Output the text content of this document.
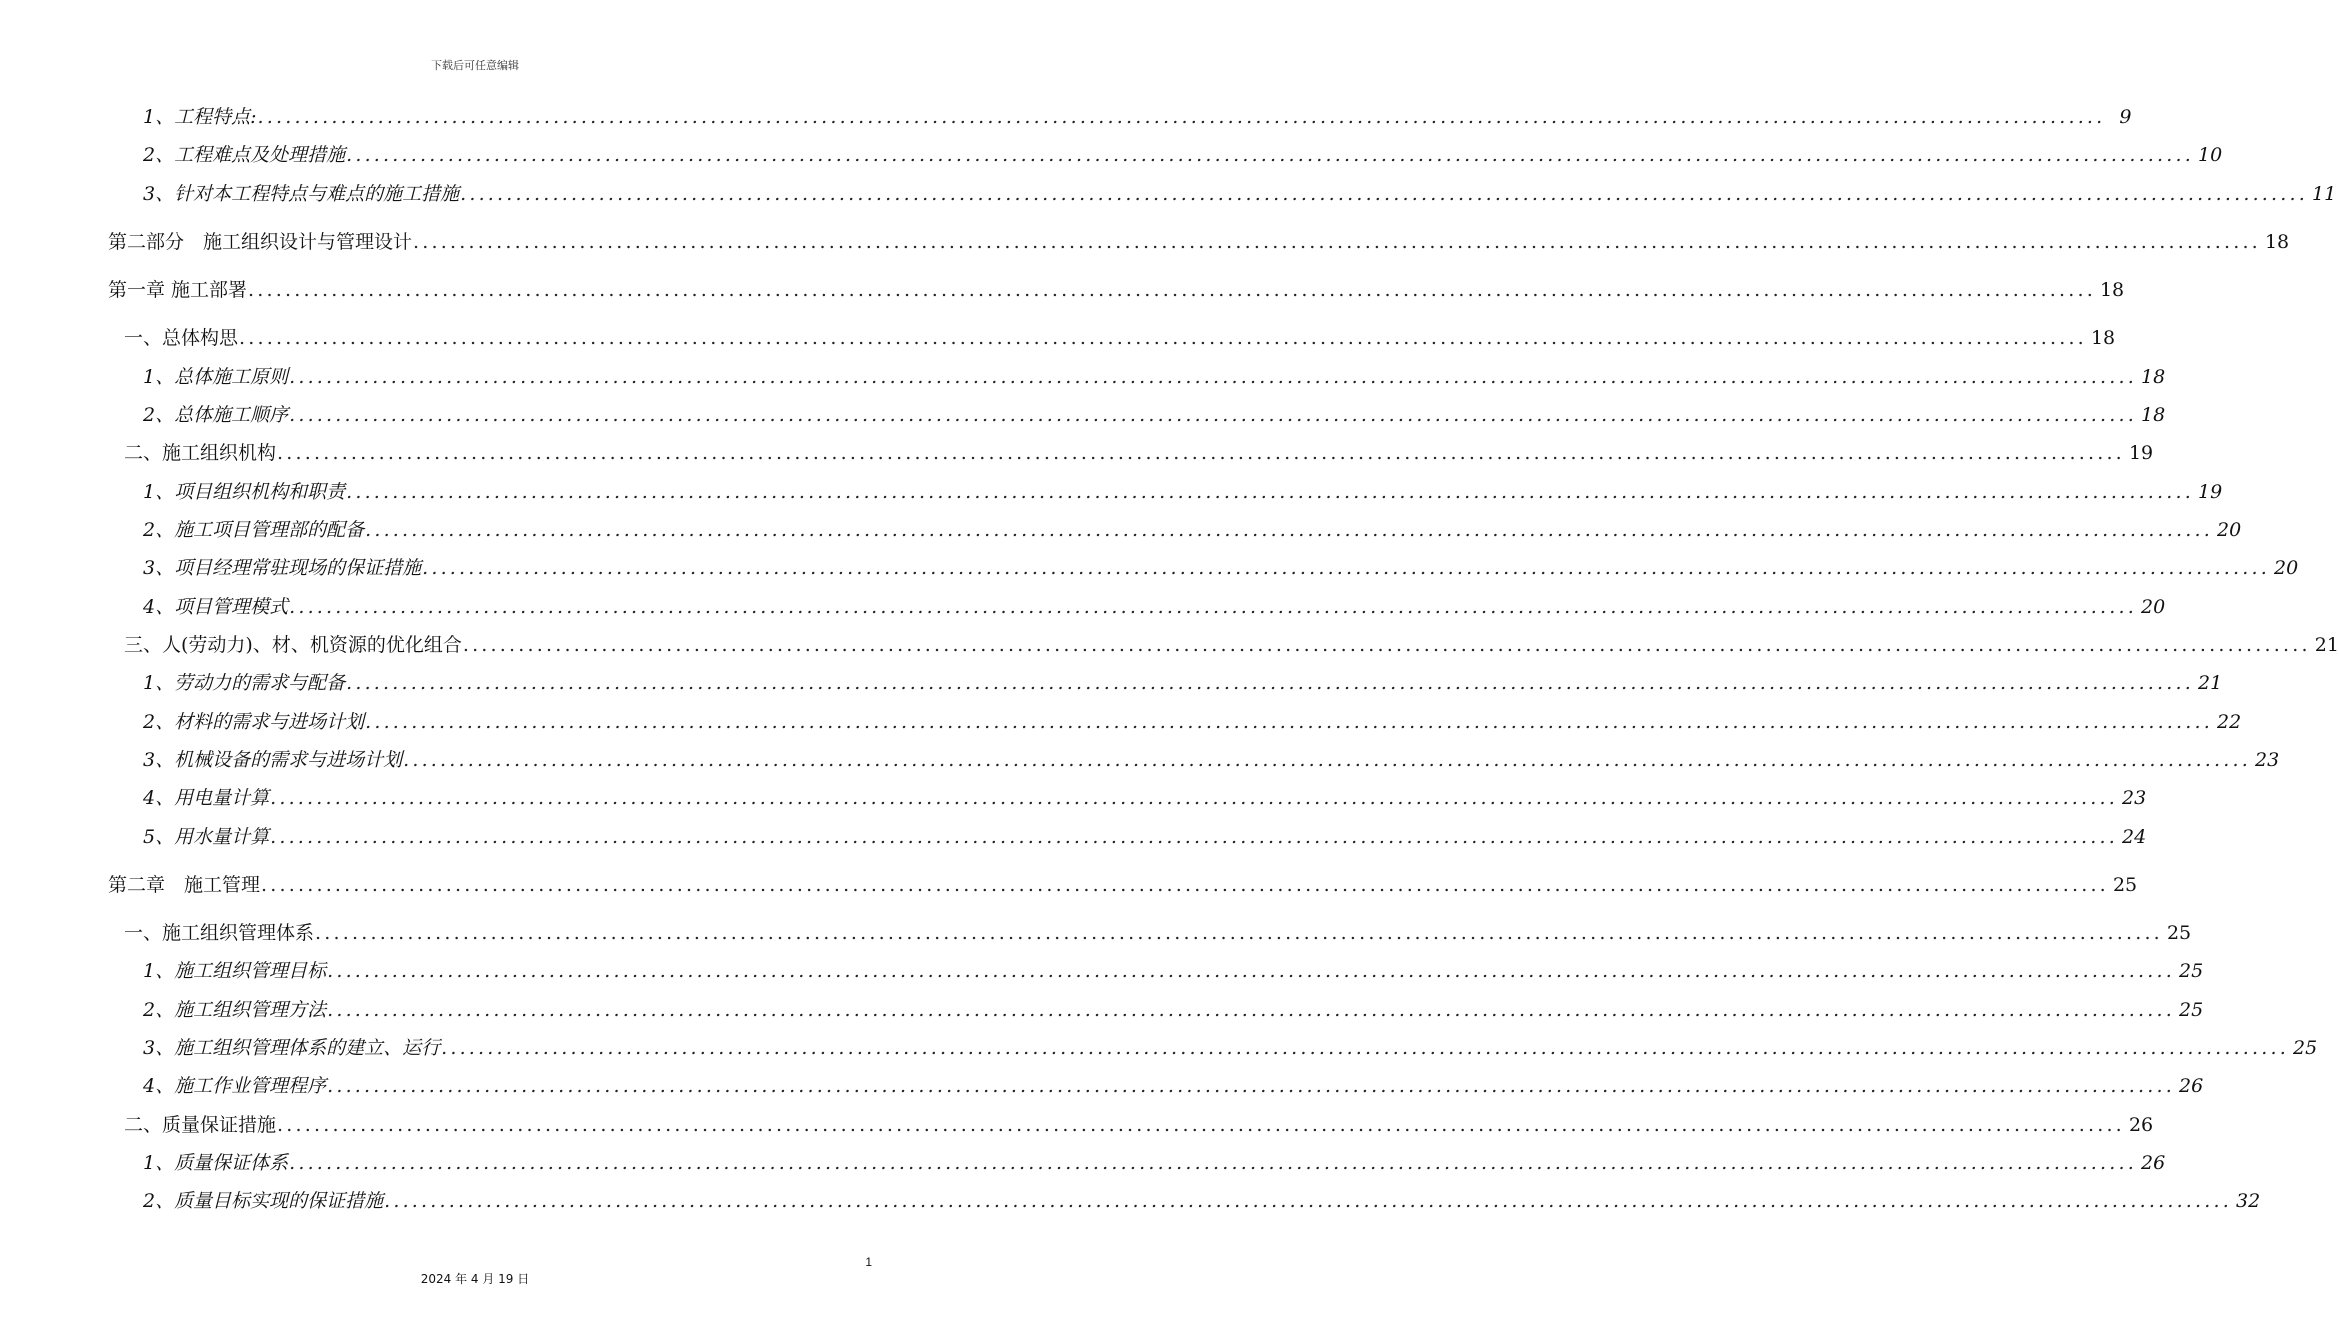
下载后可任意编辑
1、工程特点: ........................................................................................................................................................................................................ 9
2、工程难点及处理措施 ........................................................................................................................................................................................................ 10
3、针对本工程特点与难点的施工措施 ........................................................................................................................................................................................................ 11
第二部分　施工组织设计与管理设计 ........................................................................................................................................................................................................ 18
第一章 施工部署 ........................................................................................................................................................................................................ 18
一、总体构思 ........................................................................................................................................................................................................ 18
1、总体施工原则 ........................................................................................................................................................................................................ 18
2、总体施工顺序 ........................................................................................................................................................................................................ 18
二、施工组织机构 ........................................................................................................................................................................................................ 19
1、项目组织机构和职责 ........................................................................................................................................................................................................ 19
2、施工项目管理部的配备 ........................................................................................................................................................................................................ 20
3、项目经理常驻现场的保证措施 ........................................................................................................................................................................................................ 20
4、项目管理模式 ........................................................................................................................................................................................................ 20
三、人(劳动力)、材、机资源的优化组合 ........................................................................................................................................................................................................ 21
1、劳动力的需求与配备 ........................................................................................................................................................................................................ 21
2、材料的需求与进场计划 ........................................................................................................................................................................................................ 22
3、机械设备的需求与进场计划 ........................................................................................................................................................................................................ 23
4、用电量计算 ........................................................................................................................................................................................................ 23
5、用水量计算 ........................................................................................................................................................................................................ 24
第二章　施工管理 ........................................................................................................................................................................................................ 25
一、施工组织管理体系 ........................................................................................................................................................................................................ 25
1、施工组织管理目标 ........................................................................................................................................................................................................ 25
2、施工组织管理方法 ........................................................................................................................................................................................................ 25
3、施工组织管理体系的建立、运行 ........................................................................................................................................................................................................ 25
4、施工作业管理程序 ........................................................................................................................................................................................................ 26
二、质量保证措施 ........................................................................................................................................................................................................ 26
1、质量保证体系 ........................................................................................................................................................................................................ 26
2、质量目标实现的保证措施 ........................................................................................................................................................................................................ 32
1
2024 年 4 月 19 日
